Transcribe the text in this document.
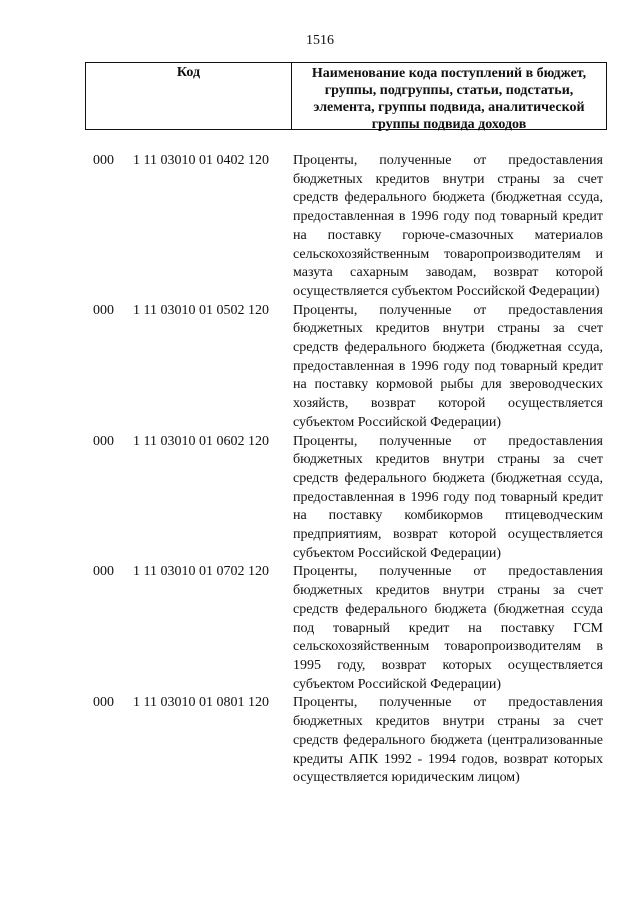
1516
Код	Наименование кода поступлений в бюджет, группы, подгруппы, статьи, подстатьи, элемента, группы подвида, аналитической группы подвида доходов
000 1 11 03010 01 0402 120 Проценты, полученные от предоставления бюджетных кредитов внутри страны за счет средств федерального бюджета (бюджетная ссуда, предоставленная в 1996 году под товарный кредит на поставку горюче-смазочных материалов сельскохозяйственным товаропроизводителям и мазута сахарным заводам, возврат которой осуществляется субъектом Российской Федерации)
000 1 11 03010 01 0502 120 Проценты, полученные от предоставления бюджетных кредитов внутри страны за счет средств федерального бюджета (бюджетная ссуда, предоставленная в 1996 году под товарный кредит на поставку кормовой рыбы для звероводческих хозяйств, возврат которой осуществляется субъектом Российской Федерации)
000 1 11 03010 01 0602 120 Проценты, полученные от предоставления бюджетных кредитов внутри страны за счет средств федерального бюджета (бюджетная ссуда, предоставленная в 1996 году под товарный кредит на поставку комбикормов птицеводческим предприятиям, возврат которой осуществляется субъектом Российской Федерации)
000 1 11 03010 01 0702 120 Проценты, полученные от предоставления бюджетных кредитов внутри страны за счет средств федерального бюджета (бюджетная ссуда под товарный кредит на поставку ГСМ сельскохозяйственным товаропроизводителям в 1995 году, возврат которых осуществляется субъектом Российской Федерации)
000 1 11 03010 01 0801 120 Проценты, полученные от предоставления бюджетных кредитов внутри страны за счет средств федерального бюджета (централизованные кредиты АПК 1992 - 1994 годов, возврат которых осуществляется юридическим лицом)
